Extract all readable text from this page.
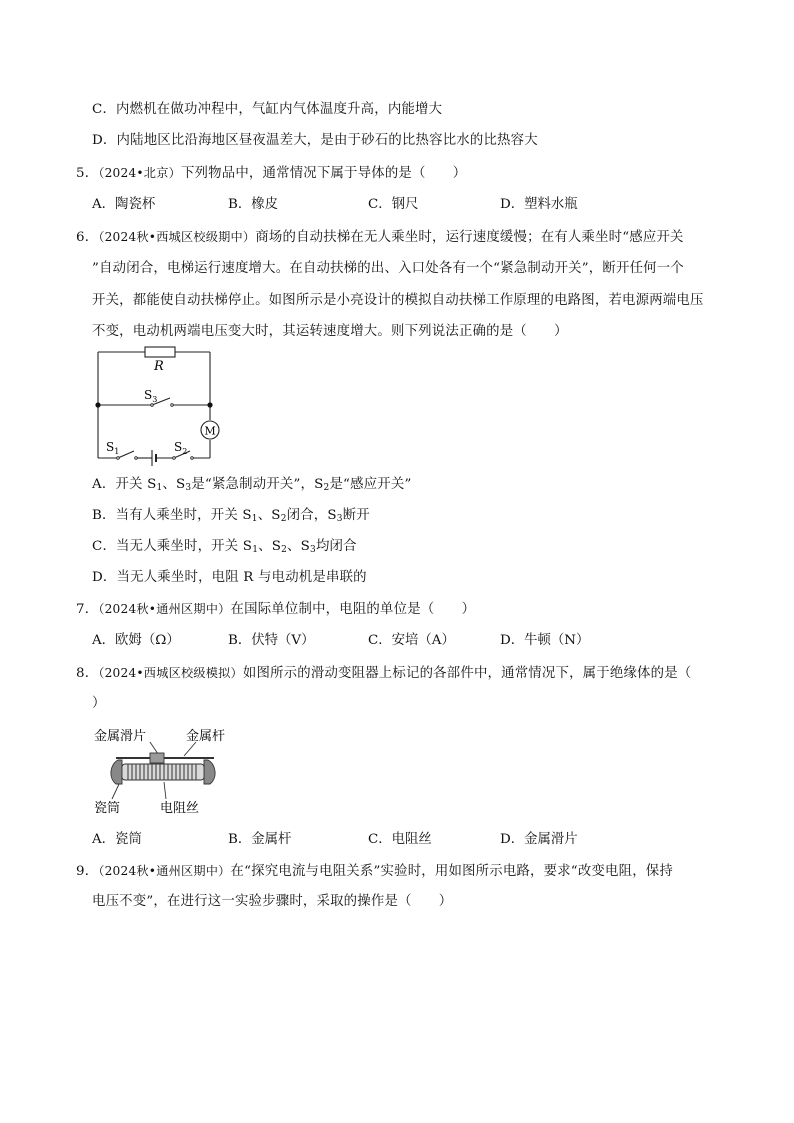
C．内燃机在做功冲程中，气缸内气体温度升高，内能增大
D．内陆地区比沿海地区昼夜温差大，是由于砂石的比热容比水的比热容大
5．（2024•北京）下列物品中，通常情况下属于导体的是（　　）
A．陶瓷杯	B．橡皮	C．钢尺	D．塑料水瓶
6．（2024秋•西城区校级期中）商场的自动扶梯在无人乘坐时，运行速度缓慢；在有人乘坐时“感应开关
”自动闭合，电梯运行速度增大。在自动扶梯的出、入口处各有一个“紧急制动开关”，断开任何一个
开关，都能使自动扶梯停止。如图所示是小亮设计的模拟自动扶梯工作原理的电路图，若电源两端电压
不变，电动机两端电压变大时，其运转速度增大。则下列说法正确的是（　　）
R
$S_3$
$S_1$	$S_2$
M
A．开关 $S_1$、$S_3$是“紧急制动开关”，$S_2$是“感应开关”
B．当有人乘坐时，开关 $S_1$、$S_2$闭合，$S_3$断开
C．当无人乘坐时，开关 $S_1$、$S_2$、$S_3$均闭合
D．当无人乘坐时，电阻 R 与电动机是串联的
7．（2024秋•通州区期中）在国际单位制中，电阻的单位是（　　）
A．欧姆（Ω）	B．伏特（V）	C．安培（A）	D．牛顿（N）
8．（2024•西城区校级模拟）如图所示的滑动变阻器上标记的各部件中，通常情况下，属于绝缘体的是（
）
金属滑片	金属杆
瓷筒	电阻丝
A．瓷筒	B．金属杆	C．电阻丝	D．金属滑片
9．（2024秋•通州区期中）在“探究电流与电阻关系”实验时，用如图所示电路，要求“改变电阻，保持
电压不变”，在进行这一实验步骤时，采取的操作是（　　）
